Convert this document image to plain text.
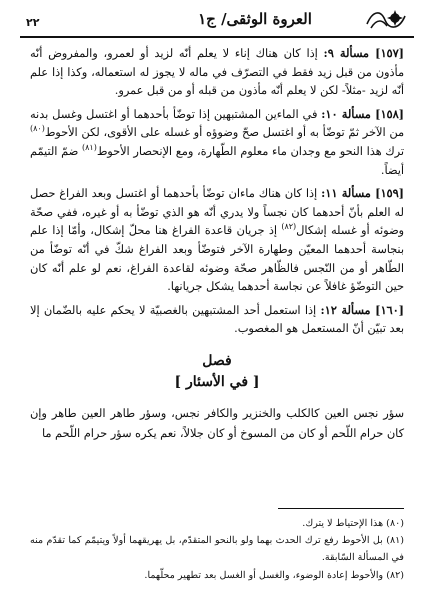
٢٢	العروة الوثقى/ ج١

[١٥٧] مسألة ٩: إذا كان هناك إناء لا يعلم أنّه لزيد أو لعمرو، والمفروض أنّه مأذون من قبل زيد فقط في التصرّف في ماله لا يجوز له استعماله، وكذا إذا علم أنّه لزيد -مثلاً- لكن لا يعلم أنّه مأذون من قبله أو من قبل عمرو.

[١٥٨] مسألة ١٠: في الماءين المشتبهين إذا توضّأ بأحدهما أو اغتسل وغسل بدنه من الآخر ثمّ توضّأ به أو اغتسل صحّ وضوؤه أو غسله على الأقوى، لكن الأحوط$^{(٨٠)}$ ترك هذا النحو مع وجدان ماء معلوم الطّهارة، ومع الإنحصار الأحوط$^{(٨١)}$ ضمّ التيمّم أيضاً.

[١٥٩] مسألة ١١: إذا كان هناك ماءان توضّأ بأحدهما أو اغتسل وبعد الفراغ حصل له العلم بأنّ أحدهما كان نجساً ولا يدري أنّه هو الذي توضّأ به أو غيره، ففي صحّة وضوئه أو غسله إشكال$^{(٨٢)}$ إذ جريان قاعدة الفراغ هنا محلّ إشكال، وأمّا إذا علم بنجاسة أحدهما المعيّن وطهارة الآخر فتوضّأ وبعد الفراغ شكّ في أنّه توضّأ من الطّاهر أو من النّجس فالظّاهر صحّة وضوئه لقاعدة الفراغ، نعم لو علم أنّه كان حين التوضّؤ غافلاً عن نجاسة أحدهما يشكل جريانها.

[١٦٠] مسألة ١٢: إذا استعمل أحد المشتبهين بالغصبيّة لا يحكم عليه بالضّمان إلا بعد تبيّن أنّ المستعمل هو المغصوب.

فصل
[ في الأسئار ]
سؤر نجس العين كالكلب والخنزير والكافر نجس، وسؤر طاهر العين طاهر وإن كان حرام اللّحم أو كان من المسوخ أو كان جلالاً، نعم يكره سؤر حرام اللّحم ما

(٨٠) هذا الإحتياط لا يترك.

(٨١) بل الأحوط رفع ترك الحدث بهما ولو بالنحو المتقدّم، بل يهريقهما أولاً ويتيمّم كما تقدّم منه في المسألة السّابقة.

(٨٢) والأحوط إعادة الوضوء، والغسل أو الغسل بعد تطهير محلّهما.
